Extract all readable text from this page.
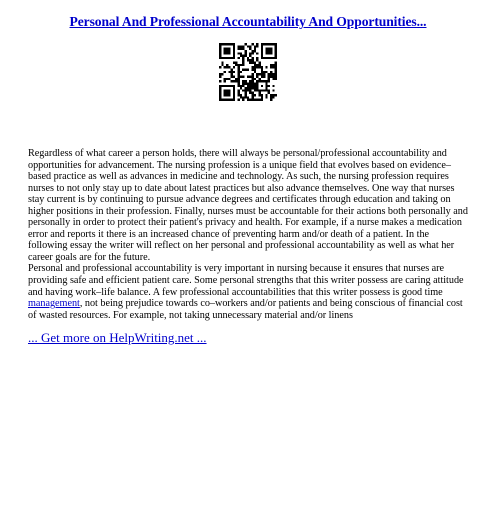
Personal And Professional Accountability And Opportunities...

Regardless of what career a person holds, there will always be personal/professional accountability and opportunities for advancement. The nursing profession is a unique field that evolves based on evidence–based practice as well as advances in medicine and technology. As such, the nursing profession requires nurses to not only stay up to date about latest practices but also advance themselves. One way that nurses stay current is by continuing to pursue advance degrees and certificates through education and taking on higher positions in their profession. Finally, nurses must be accountable for their actions both personally and personally in order to protect their patient's privacy and health. For example, if a nurse makes a medication error and reports it there is an increased chance of preventing harm and/or death of a patient. In the following essay the writer will reflect on her personal and professional accountability as well as what her career goals are for the future.

Personal and professional accountability is very important in nursing because it ensures that nurses are providing safe and efficient patient care. Some personal strengths that this writer possess are caring attitude and having work–life balance. A few professional accountabilities that this writer possess is good time management, not being prejudice towards co–workers and/or patients and being conscious of financial cost of wasted resources. For example, not taking unnecessary material and/or linens

... Get more on HelpWriting.net ...
